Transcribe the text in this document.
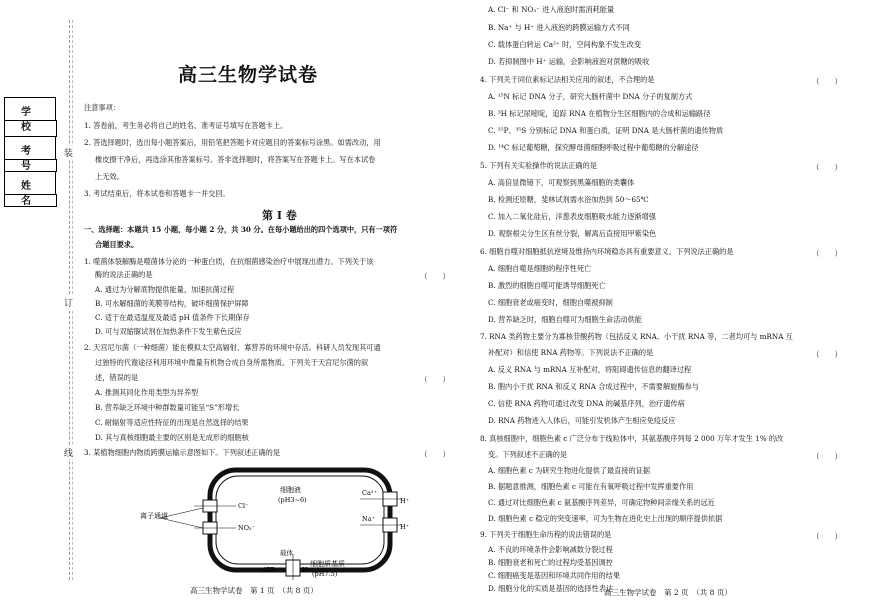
学 校
考 号
姓 名
装
订
线
高三生物学试卷
注意事项：
1. 答卷前，考生务必将自己的姓名、准考证号填写在答题卡上。
2. 答选择题时，选出每小题答案后，用铅笔把答题卡对应题目的答案标号涂黑。如需改动，用
橡皮擦干净后，再选涂其他答案标号。答非选择题时，将答案写在答题卡上。写在本试卷
上无效。
3. 考试结束后，将本试卷和答题卡一并交回。
第 Ⅰ 卷
一、选择题：本题共 15 小题，每小题 2 分，共 30 分。在每小题给出的四个选项中，只有一项符
合题目要求。
1. 噬菌体裂解酶是噬菌体分泌的一种蛋白质，在抗细菌感染治疗中展现出潜力。下列关于该
酶的说法正确的是	（　　）
A. 通过为分解底物提供能量，加速抗菌过程
B. 可水解细菌的荚膜等结构，破坏细菌保护屏障
C. 适于在最适温度及最适 pH 值条件下长期保存
D. 可与双缩脲试剂在加热条件下发生紫色反应
2. 天宫尼尔菌（一种细菌）能在模拟太空高辐射、寡营养的环境中存活。科研人员发现其可通
过独特的代谢途径利用环境中微量有机物合成自身所需物质。下列关于天宫尼尔菌的叙
述，错误的是	（　　）
A. 推测其同化作用类型为异养型
B. 营养缺乏环境中种群数量可能呈“S”形增长
C. 耐辐射等适应性特征的出现是自然选择的结果
D. 其与真核细胞最主要的区别是无成形的细胞核
3. 某植物细胞内物质跨膜运输示意图如下。下列叙述正确的是	（　　）
离子通道
细胞液
(pH3~6)
Cl⁻
NO₃⁻
Ca²⁺
Na⁺
H⁺
H⁺
载体
ATP	H⁺
细胞质基质
(pH7.5)
高三生物学试卷　第 1 页　（共 8 页）
A. Cl⁻ 和 NO₃⁻ 进入液泡时需消耗能量
B. Na⁺ 与 H⁺ 进入液泡的跨膜运输方式不同
C. 载体蛋白转运 Ca²⁺ 时，空间构象不发生改变
D. 若抑制图中 H⁺ 运输，会影响液泡对蔗糖的吸收
4. 下列关于同位素标记法相关应用的叙述，不合理的是	（　　）
A. ¹⁵N 标记 DNA 分子，研究大肠杆菌中 DNA 分子的复制方式
B. ³H 标记尿嘧啶，追踪 RNA 在植物分生区细胞内的合成和运输路径
C. ³²P、³⁵S 分别标记 DNA 和蛋白质，证明 DNA 是大肠杆菌的遗传物质
D. ¹⁴C 标记葡萄糖，探究酵母菌细胞呼吸过程中葡萄糖的分解途径
5. 下列有关实验操作的说法正确的是	（　　）
A. 高倍显微镜下，可观察到黑藻细胞的类囊体
B. 检测还原糖，斐林试剂需水浴加热到 50～65℃
C. 加入二氧化硅后，洋葱表皮细胞吸水能力逐渐增强
D. 观察根尖分生区有丝分裂，解离后直接用甲紫染色
6. 细胞自噬对细胞抵抗逆境及维持内环境稳态具有重要意义。下列说法正确的是	（　　）
A. 细胞自噬是细胞的程序性死亡
B. 激烈的细胞自噬可能诱导细胞死亡
C. 细胞衰老或癌变时，细胞自噬被抑制
D. 营养缺乏时，细胞自噬可为细胞生命活动供能
7. RNA 类药物主要分为寡核苷酸药物（包括反义 RNA、小干扰 RNA 等，二者均可与 mRNA 互
补配对）和信使 RNA 药物等。下列说法不正确的是	（　　）
A. 反义 RNA 与 mRNA 互补配对，将阻碍遗传信息的翻译过程
B. 胞内小干扰 RNA 和反义 RNA 合成过程中，不需要解旋酶参与
C. 信使 RNA 药物可通过改变 DNA 的碱基序列，治疗遗传病
D. RNA 药物进入人体后，可能引发机体产生相应免疫反应
8. 真核细胞中，细胞色素 c 广泛分布于线粒体中，其氨基酸序列每 2 000 万年才发生 1% 的改
变。下列叙述不正确的是	（　　）
A. 细胞色素 c 为研究生物进化提供了最直接的证据
B. 据题意推测，细胞色素 c 可能在有氧呼吸过程中发挥重要作用
C. 通过对比细胞色素 c 氨基酸序列差异，可确定物种间亲缘关系的远近
D. 细胞色素 c 稳定的突变速率，可为生物在进化史上出现的顺序提供依据
9. 下列关于细胞生命历程的说法错误的是	（　　）
A. 不良的环境条件会影响减数分裂过程
B. 细胞衰老和死亡的过程均受基因调控
C. 细胞癌变是基因和环境共同作用的结果
D. 细胞分化的实质是基因的选择性表达
高三生物学试卷　第 2 页　（共 8 页）
